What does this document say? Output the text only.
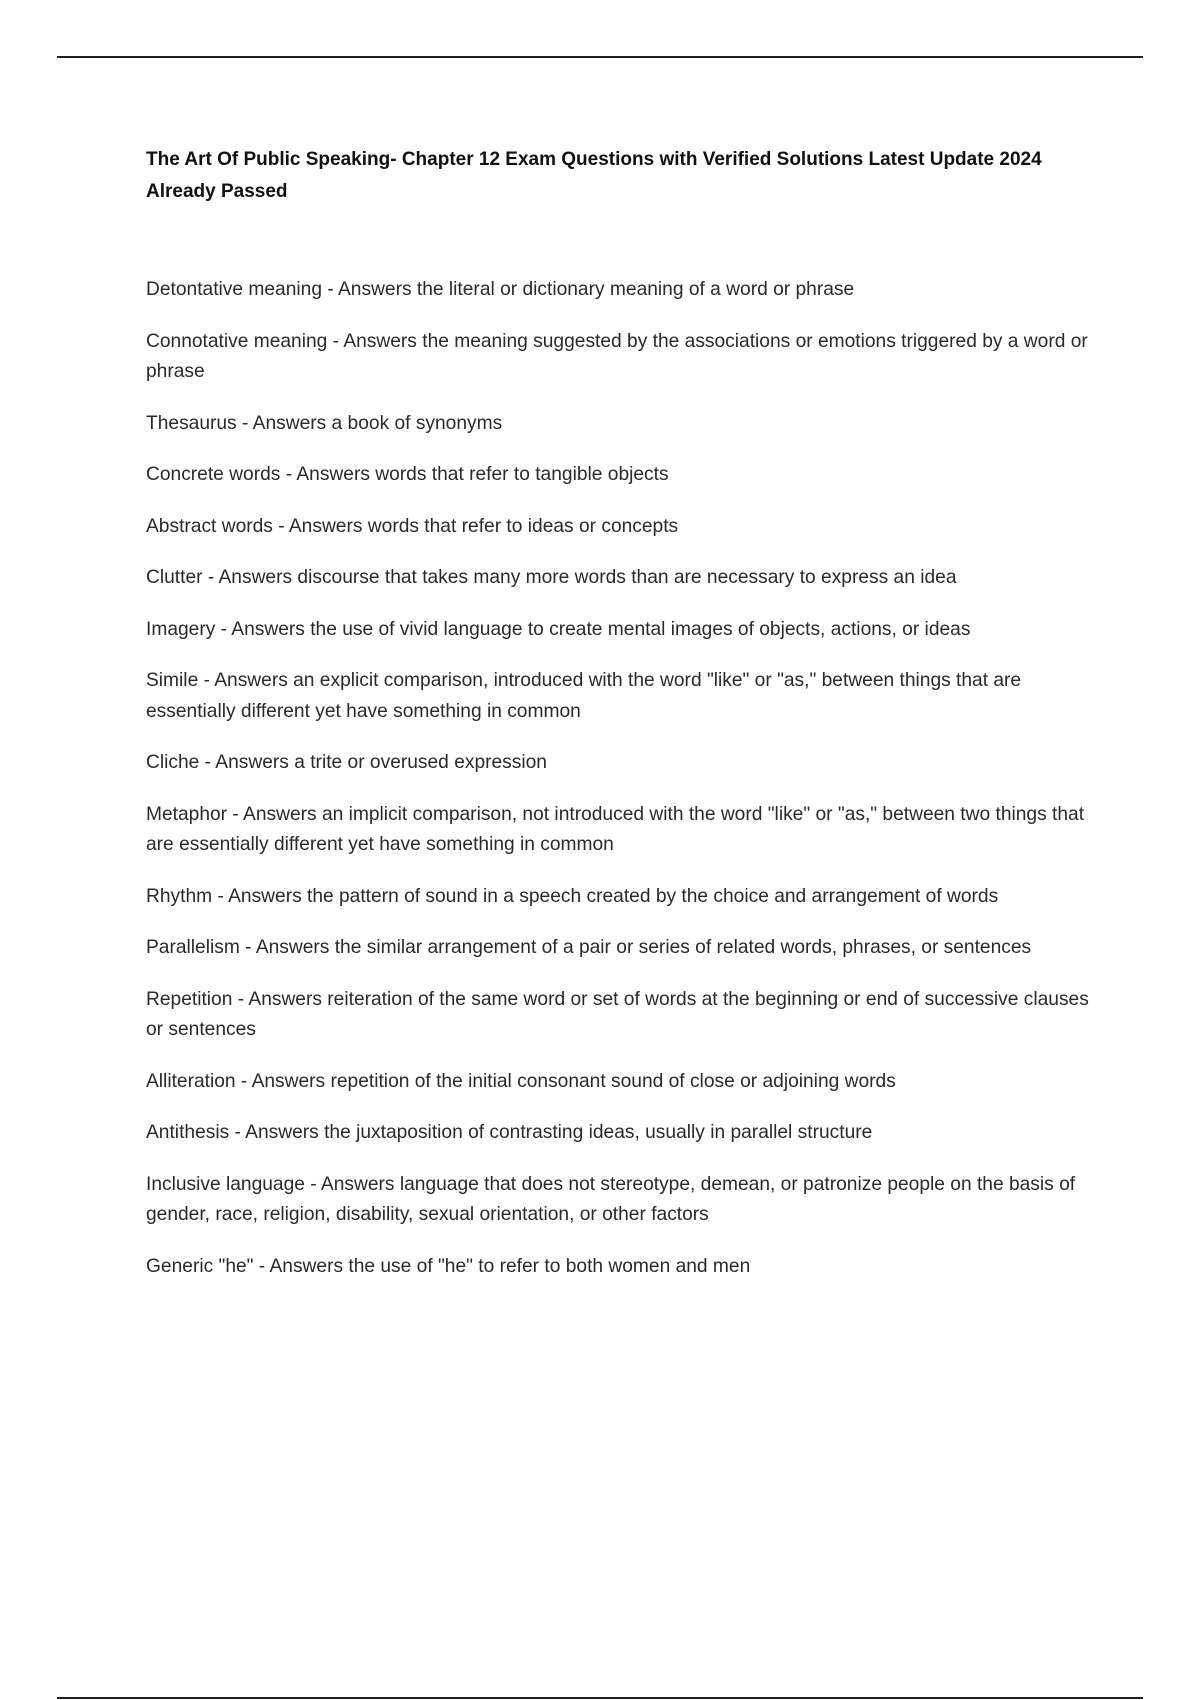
The Art Of Public Speaking- Chapter 12 Exam Questions with Verified Solutions Latest Update 2024 Already Passed
Detontative meaning - Answers the literal or dictionary meaning of a word or phrase
Connotative meaning - Answers the meaning suggested by the associations or emotions triggered by a word or phrase
Thesaurus - Answers a book of synonyms
Concrete words - Answers words that refer to tangible objects
Abstract words - Answers words that refer to ideas or concepts
Clutter - Answers discourse that takes many more words than are necessary to express an idea
Imagery - Answers the use of vivid language to create mental images of objects, actions, or ideas
Simile - Answers an explicit comparison, introduced with the word "like" or "as," between things that are essentially different yet have something in common
Cliche - Answers a trite or overused expression
Metaphor - Answers an implicit comparison, not introduced with the word "like" or "as," between two things that are essentially different yet have something in common
Rhythm - Answers the pattern of sound in a speech created by the choice and arrangement of words
Parallelism - Answers the similar arrangement of a pair or series of related words, phrases, or sentences
Repetition - Answers reiteration of the same word or set of words at the beginning or end of successive clauses or sentences
Alliteration - Answers repetition of the initial consonant sound of close or adjoining words
Antithesis - Answers the juxtaposition of contrasting ideas, usually in parallel structure
Inclusive language - Answers language that does not stereotype, demean, or patronize people on the basis of gender, race, religion, disability, sexual orientation, or other factors
Generic "he" - Answers the use of "he" to refer to both women and men
